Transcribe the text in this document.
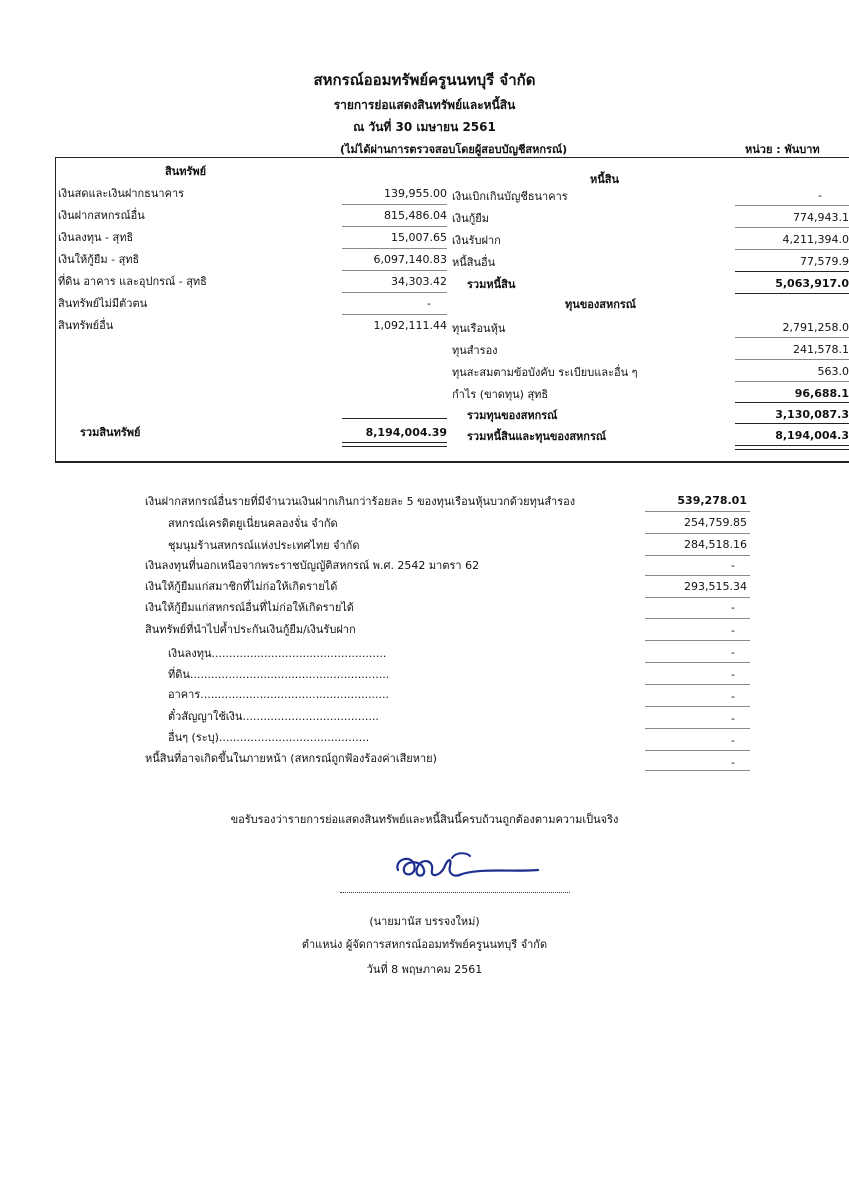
สหกรณ์ออมทรัพย์ครูนนทบุรี จำกัด
รายการย่อแสดงสินทรัพย์และหนี้สิน
ณ วันที่ 30 เมษายน 2561
(ไม่ได้ผ่านการตรวจสอบโดยผู้สอบบัญชีสหกรณ์)	หน่วย : พันบาท
สินทรัพย์
เงินสดและเงินฝากธนาคาร	139,955.00
เงินฝากสหกรณ์อื่น	815,486.04
เงินลงทุน - สุทธิ	15,007.65
เงินให้กู้ยืม - สุทธิ	6,097,140.83
ที่ดิน อาคาร และอุปกรณ์ - สุทธิ	34,303.42
สินทรัพย์ไม่มีตัวตน	-
สินทรัพย์อื่น	1,092,111.44
รวมสินทรัพย์	8,194,004.39
หนี้สิน
เงินเบิกเกินบัญชีธนาคาร	-
เงินกู้ยืม	774,943.1
เงินรับฝาก	4,211,394.0
หนี้สินอื่น	77,579.9
รวมหนี้สิน	5,063,917.0
ทุนของสหกรณ์
ทุนเรือนหุ้น	2,791,258.0
ทุนสำรอง	241,578.1
ทุนสะสมตามข้อบังคับ ระเบียบและอื่น ๆ	563.0
กำไร (ขาดทุน) สุทธิ	96,688.1
รวมทุนของสหกรณ์	3,130,087.3
รวมหนี้สินและทุนของสหกรณ์	8,194,004.3
เงินฝากสหกรณ์อื่นรายที่มีจำนวนเงินฝากเกินกว่าร้อยละ 5 ของทุนเรือนหุ้นบวกด้วยทุนสำรอง	539,278.01
สหกรณ์เครดิตยูเนี่ยนคลองจั่น จำกัด	254,759.85
ชุมนุมร้านสหกรณ์แห่งประเทศไทย จำกัด	284,518.16
เงินลงทุนที่นอกเหนือจากพระราชบัญญัติสหกรณ์ พ.ศ. 2542 มาตรา 62	-
เงินให้กู้ยืมแก่สมาชิกที่ไม่ก่อให้เกิดรายได้	293,515.34
เงินให้กู้ยืมแก่สหกรณ์อื่นที่ไม่ก่อให้เกิดรายได้	-
สินทรัพย์ที่นำไปค้ำประกันเงินกู้ยืม/เงินรับฝาก	-
เงินลงทุน..................................................	-
ที่ดิน.........................................................	-
อาคาร......................................................	-
ตั๋วสัญญาใช้เงิน.......................................	-
อื่นๆ (ระบุ)...........................................	-
หนี้สินที่อาจเกิดขึ้นในภายหน้า (สหกรณ์ถูกฟ้องร้องค่าเสียหาย)	-
ขอรับรองว่ารายการย่อแสดงสินทรัพย์และหนี้สินนี้ครบถ้วนถูกต้องตามความเป็นจริง
(นายมานัส บรรจงใหม่)
ตำแหน่ง ผู้จัดการสหกรณ์ออมทรัพย์ครูนนทบุรี จำกัด
วันที่ 8 พฤษภาคม 2561
